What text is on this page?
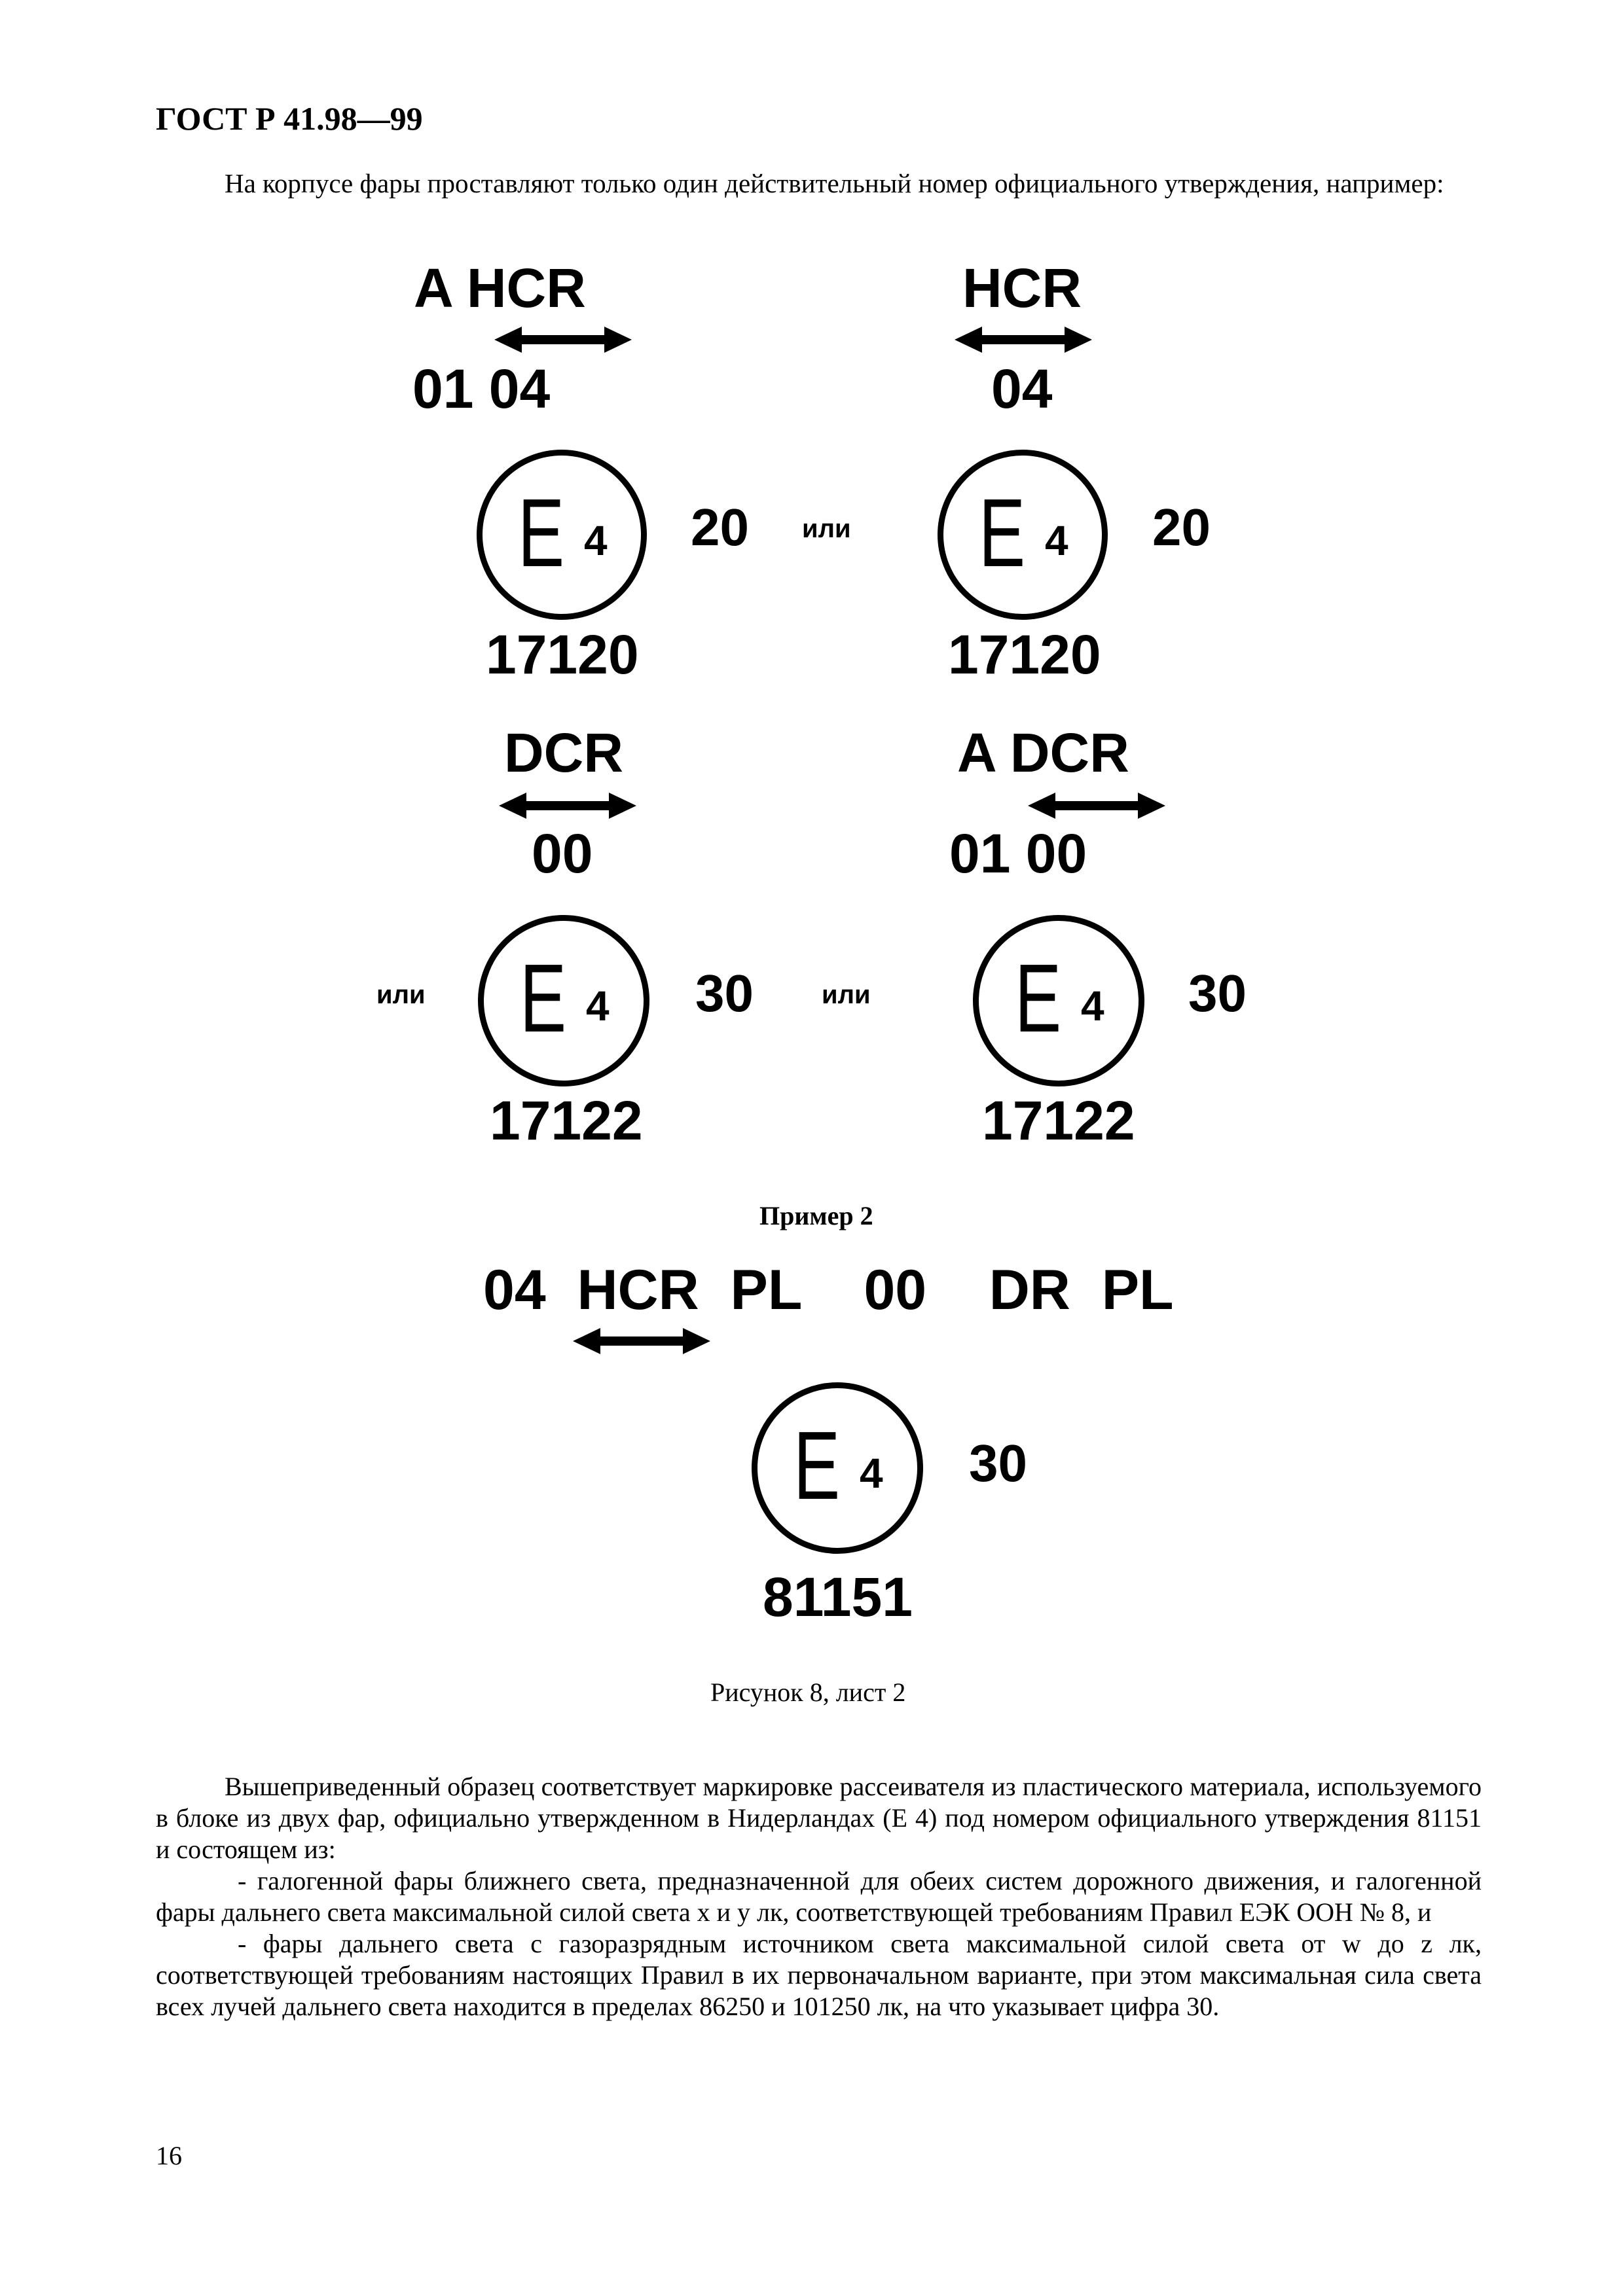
ГОСТ Р 41.98—99
На корпусе фары проставляют только один действительный номер официального утверждения, например:
A HCR
01 04
E 4 20
17120
или
HCR
04
E 4 20
17120
или
DCR
00
E 4 30
17122
или
A DCR
01 00
E 4 30
17122
Пример 2
04  HCR  PL    00    DR  PL
E 4 30
81151
Рисунок 8, лист 2

Вышеприведенный образец соответствует маркировке рассеивателя из пластического материала, используемого в блоке из двух фар, официально утвержденном в Нидерландах (Е 4) под номером официального утверждения 81151 и состоящем из:

- галогенной фары ближнего света, предназначенной для обеих систем дорожного движения, и галогенной фары дальнего света максимальной силой света x и y лк, соответствующей требованиям Правил ЕЭК ООН № 8, и

- фары дальнего света с газоразрядным источником света максимальной силой света от w до z лк, соответствующей требованиям настоящих Правил в их первоначальном варианте, при этом максимальная сила света всех лучей дальнего света находится в пределах 86250 и 101250 лк, на что указывает цифра 30.

16
